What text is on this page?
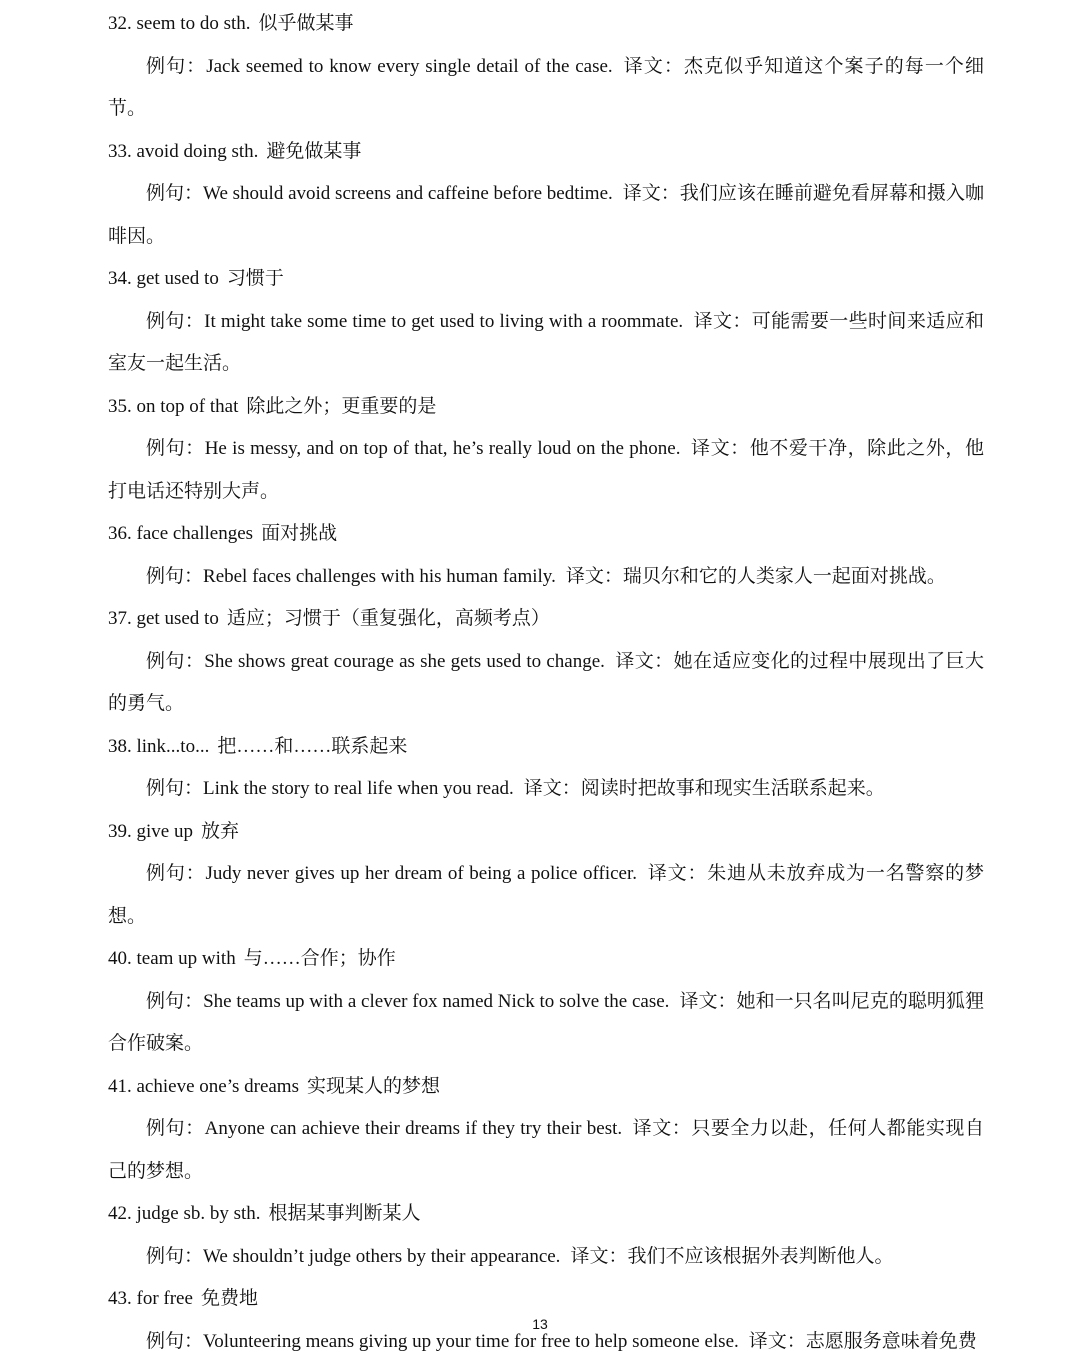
32. seem to do sth. 似乎做某事
例句：Jack seemed to know every single detail of the case. 译文：杰克似乎知道这个案子的每一个细节。
33. avoid doing sth. 避免做某事
例句：We should avoid screens and caffeine before bedtime. 译文：我们应该在睡前避免看屏幕和摄入咖啡因。
34. get used to 习惯于
例句：It might take some time to get used to living with a roommate. 译文：可能需要一些时间来适应和室友一起生活。
35. on top of that 除此之外；更重要的是
例句：He is messy, and on top of that, he’s really loud on the phone. 译文：他不爱干净，除此之外，他打电话还特别大声。
36. face challenges 面对挑战
例句：Rebel faces challenges with his human family. 译文：瑞贝尔和它的人类家人一起面对挑战。
37. get used to 适应；习惯于（重复强化，高频考点）
例句：She shows great courage as she gets used to change. 译文：她在适应变化的过程中展现出了巨大的勇气。
38. link...to... 把……和……联系起来
例句：Link the story to real life when you read. 译文：阅读时把故事和现实生活联系起来。
39. give up 放弃
例句：Judy never gives up her dream of being a police officer. 译文：朱迪从未放弃成为一名警察的梦想。
40. team up with 与……合作；协作
例句：She teams up with a clever fox named Nick to solve the case. 译文：她和一只名叫尼克的聪明狐狸合作破案。
41. achieve one’s dreams 实现某人的梦想
例句：Anyone can achieve their dreams if they try their best. 译文：只要全力以赴，任何人都能实现自己的梦想。
42. judge sb. by sth. 根据某事判断某人
例句：We shouldn’t judge others by their appearance. 译文：我们不应该根据外表判断他人。
43. for free 免费地
例句：Volunteering means giving up your time for free to help someone else. 译文：志愿服务意味着免费
13
